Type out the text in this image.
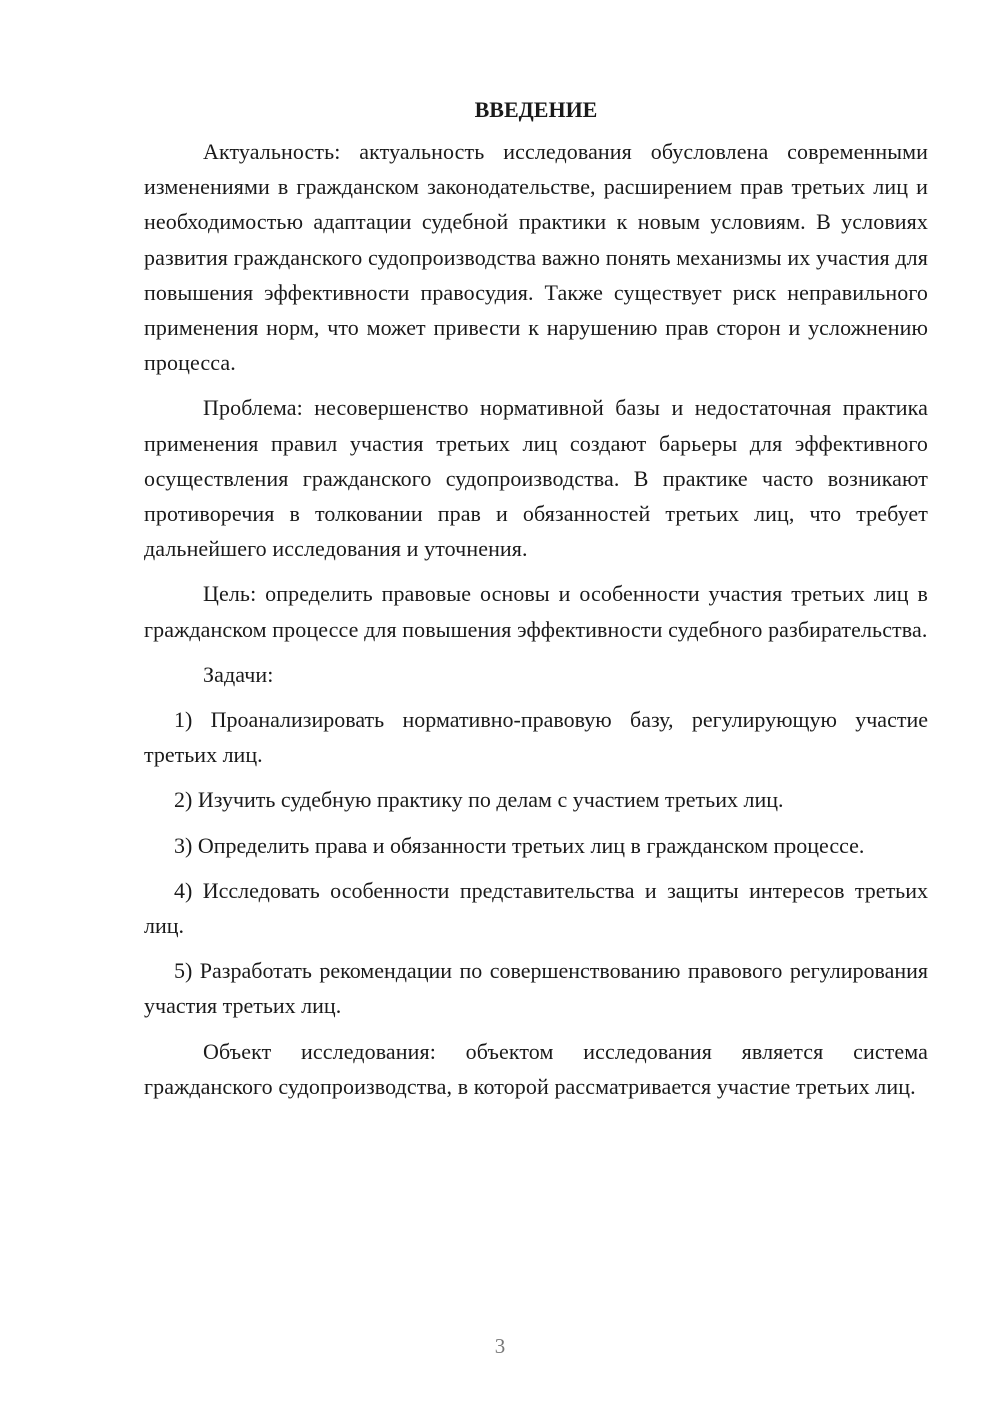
ВВЕДЕНИЕ

Актуальность: актуальность исследования обусловлена современными изменениями в гражданском законодательстве, расширением прав третьих лиц и необходимостью адаптации судебной практики к новым условиям. В условиях развития гражданского судопроизводства важно понять механизмы их участия для повышения эффективности правосудия. Также существует риск неправильного применения норм, что может привести к нарушению прав сторон и усложнению процесса.

Проблема: несовершенство нормативной базы и недостаточная практика применения правил участия третьих лиц создают барьеры для эффективного осуществления гражданского судопроизводства. В практике часто возникают противоречия в толковании прав и обязанностей третьих лиц, что требует дальнейшего исследования и уточнения.

Цель: определить правовые основы и особенности участия третьих лиц в гражданском процессе для повышения эффективности судебного разбирательства.

Задачи:

1) Проанализировать нормативно-правовую базу, регулирующую участие третьих лиц.

2) Изучить судебную практику по делам с участием третьих лиц.

3) Определить права и обязанности третьих лиц в гражданском процессе.

4) Исследовать особенности представительства и защиты интересов третьих лиц.

5) Разработать рекомендации по совершенствованию правового регулирования участия третьих лиц.

Объект исследования: объектом исследования является система гражданского судопроизводства, в которой рассматривается участие третьих лиц.

3
